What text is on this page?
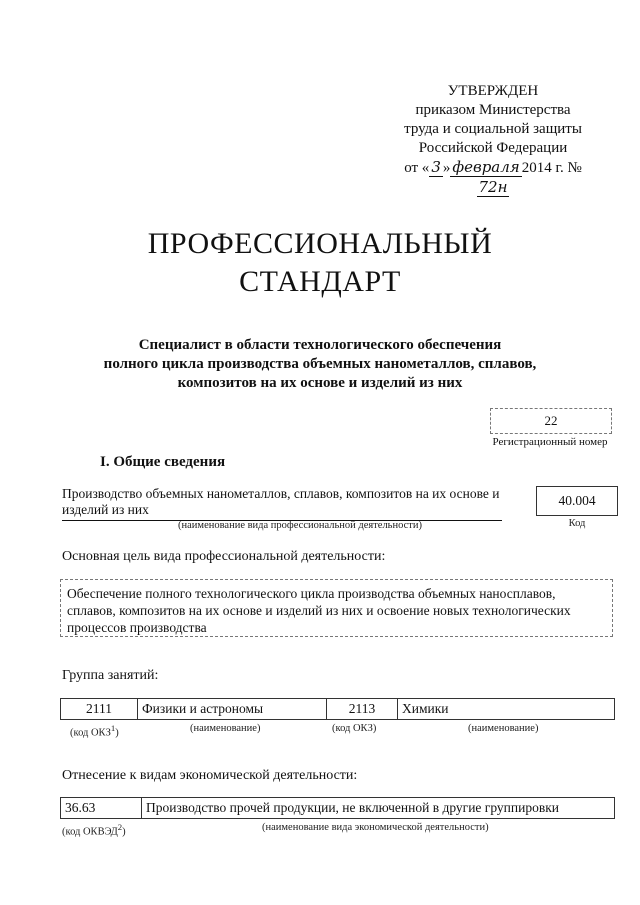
УТВЕРЖДЕН
приказом Министерства
труда и социальной защиты
Российской Федерации
от « 3 » февраля 2014 г. № 72н
ПРОФЕССИОНАЛЬНЫЙ
СТАНДАРТ
Специалист в области технологического обеспечения
полного цикла производства объемных нанометаллов, сплавов,
композитов на их основе и изделий из них
22
Регистрационный номер
I. Общие сведения
Производство объемных нанометаллов, сплавов, композитов на их основе и изделий из них
(наименование вида профессиональной деятельности)
40.004
Код
Основная цель вида профессиональной деятельности:
Обеспечение полного технологического цикла производства объемных наносплавов, сплавов, композитов на их основе и изделий из них и освоение новых технологических процессов производства
Группа занятий:
2111	Физики и астрономы	2113	Химики
(код ОКЗ$^1$)	(наименование)	(код ОКЗ)	(наименование)
Отнесение к видам экономической деятельности:
36.63	Производство прочей продукции, не включенной в другие группировки
(код ОКВЭД$^2$)	(наименование вида экономической деятельности)
